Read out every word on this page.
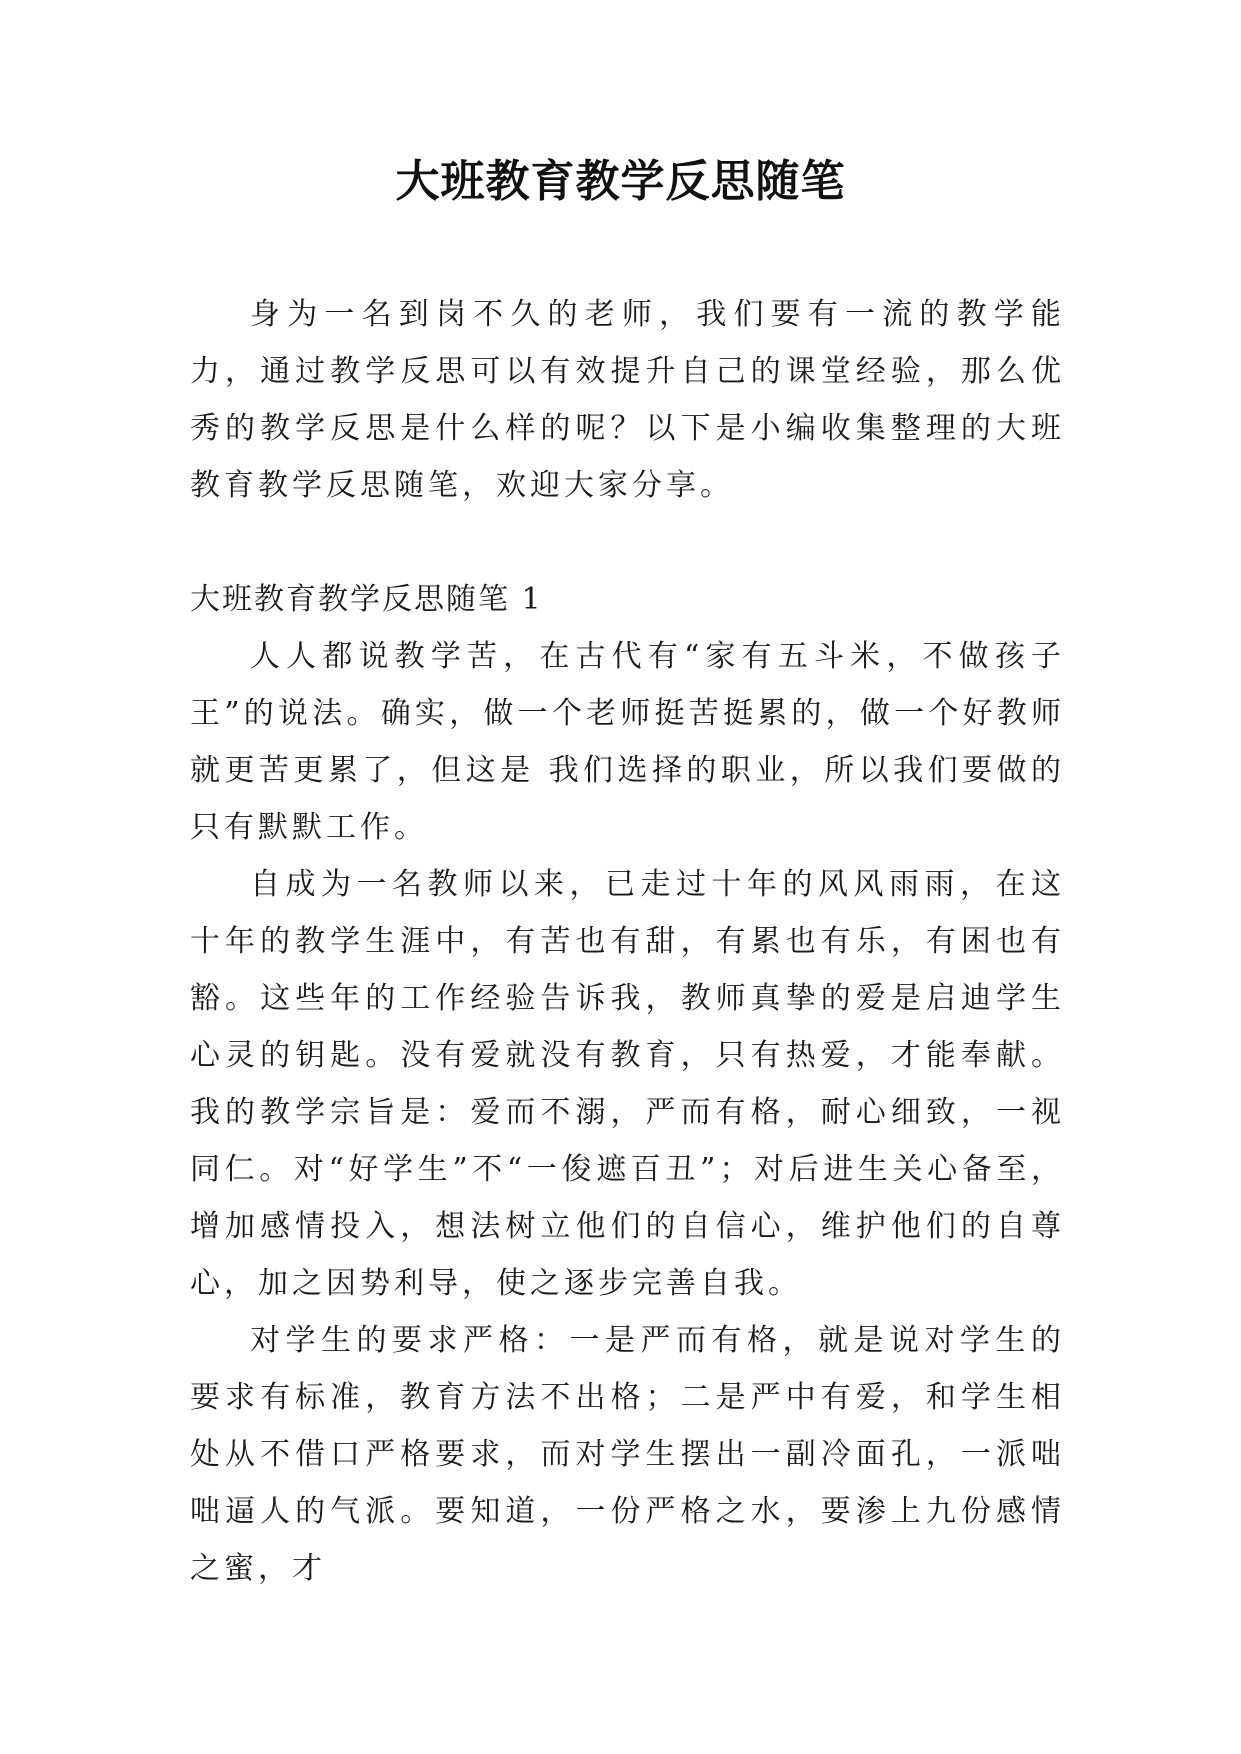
大班教育教学反思随笔

身为一名到岗不久的老师，我们要有一流的教学能力，通过教学反思可以有效提升自己的课堂经验，那么优秀的教学反思是什么样的呢？以下是小编收集整理的大班教育教学反思随笔，欢迎大家分享。

大班教育教学反思随笔 1

人人都说教学苦，在古代有“家有五斗米，不做孩子王”的说法。确实，做一个老师挺苦挺累的，做一个好教师就更苦更累了，但这是 我们选择的职业，所以我们要做的只有默默工作。

自成为一名教师以来，已走过十年的风风雨雨，在这十年的教学生涯中，有苦也有甜，有累也有乐，有困也有豁。这些年的工作经验告诉我，教师真挚的爱是启迪学生心灵的钥匙。没有爱就没有教育，只有热爱，才能奉献。我的教学宗旨是：爱而不溺，严而有格，耐心细致，一视同仁。对“好学生”不“一俊遮百丑”；对后进生关心备至，增加感情投入，想法树立他们的自信心，维护他们的自尊心，加之因势利导，使之逐步完善自我。

对学生的要求严格：一是严而有格，就是说对学生的要求有标准，教育方法不出格；二是严中有爱，和学生相处从不借口严格要求，而对学生摆出一副冷面孔，一派咄咄逼人的气派。要知道，一份严格之水，要渗上九份感情之蜜，才
